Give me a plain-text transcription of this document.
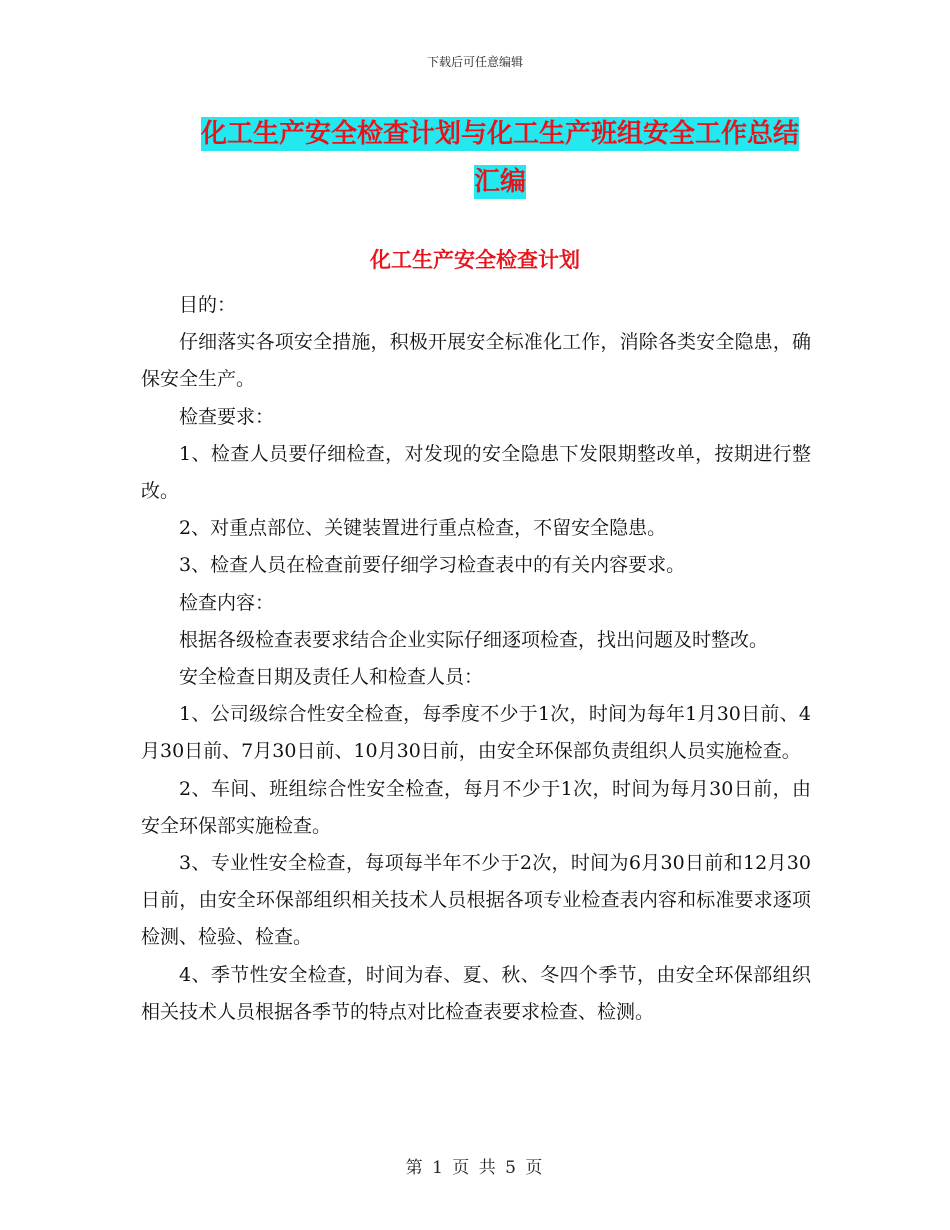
下载后可任意编辑
化工生产安全检查计划与化工生产班组安全工作总结
汇编
化工生产安全检查计划

目的：

仔细落实各项安全措施，积极开展安全标准化工作，消除各类安全隐患，确保安全生产。

检查要求：

1、检查人员要仔细检查，对发现的安全隐患下发限期整改单，按期进行整改。

2、对重点部位、关键装置进行重点检查，不留安全隐患。

3、检查人员在检查前要仔细学习检查表中的有关内容要求。

检查内容：

根据各级检查表要求结合企业实际仔细逐项检查，找出问题及时整改。

安全检查日期及责任人和检查人员：

1、公司级综合性安全检查，每季度不少于1次，时间为每年1月30日前、4月30日前、7月30日前、10月30日前，由安全环保部负责组织人员实施检查。

2、车间、班组综合性安全检查，每月不少于1次，时间为每月30日前，由安全环保部实施检查。

3、专业性安全检查，每项每半年不少于2次，时间为6月30日前和12月30日前，由安全环保部组织相关技术人员根据各项专业检查表内容和标准要求逐项检测、检验、检查。

4、季节性安全检查，时间为春、夏、秋、冬四个季节，由安全环保部组织相关技术人员根据各季节的特点对比检查表要求检查、检测。

第 1 页 共 5 页
